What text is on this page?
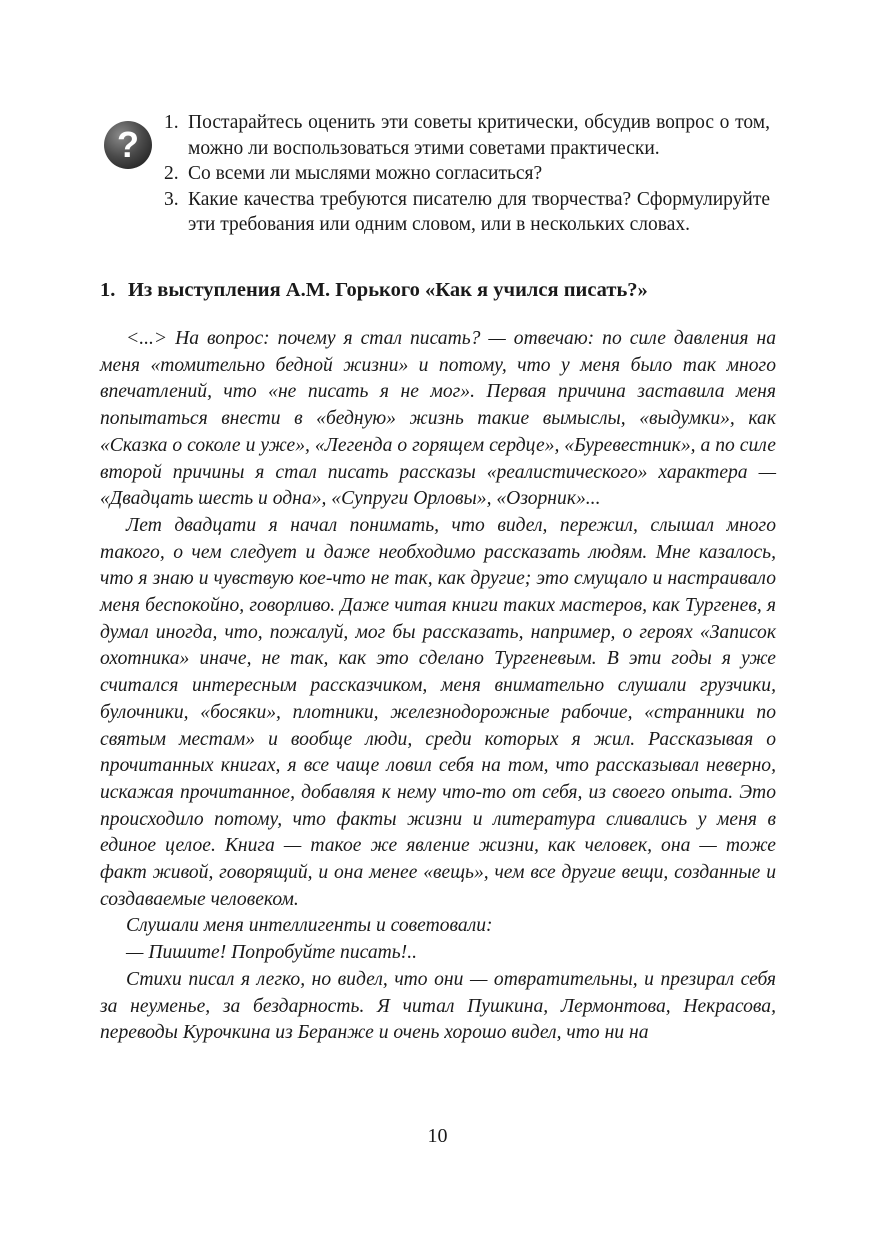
?
1. Постарайтесь оценить эти советы критически, обсудив вопрос о том, можно ли воспользоваться этими советами практически.
2. Со всеми ли мыслями можно согласиться?
3. Какие качества требуются писателю для творчества? Сформулируйте эти требования или одним словом, или в нескольких словах.
1. Из выступления А.М. Горького «Как я учился писать?»

<...> На вопрос: почему я стал писать? — отвечаю: по силе давления на меня «томительно бедной жизни» и потому, что у меня было так много впечатлений, что «не писать я не мог». Первая причина заставила меня попытаться внести в «бедную» жизнь такие вымыслы, «выдумки», как «Сказка о соколе и уже», «Легенда о горящем сердце», «Буревестник», а по силе второй причины я стал писать рассказы «реалистического» характера — «Двадцать шесть и одна», «Супруги Орловы», «Озорник»...

Лет двадцати я начал понимать, что видел, пережил, слышал много такого, о чем следует и даже необходимо рассказать людям. Мне казалось, что я знаю и чувствую кое-что не так, как другие; это смущало и настраивало меня беспокойно, говорливо. Даже читая книги таких мастеров, как Тургенев, я думал иногда, что, пожалуй, мог бы рассказать, например, о героях «Записок охотника» иначе, не так, как это сделано Тургеневым. В эти годы я уже считался интересным рассказчиком, меня внимательно слушали грузчики, булочники, «босяки», плотники, железнодорожные рабочие, «странники по святым местам» и вообще люди, среди которых я жил. Рассказывая о прочитанных книгах, я все чаще ловил себя на том, что рассказывал неверно, искажая прочитанное, добавляя к нему что-то от себя, из своего опыта. Это происходило потому, что факты жизни и литература сливались у меня в единое целое. Книга — такое же явление жизни, как человек, она — тоже факт живой, говорящий, и она менее «вещь», чем все другие вещи, созданные и создаваемые человеком.

Слушали меня интеллигенты и советовали:

— Пишите! Попробуйте писать!..

Стихи писал я легко, но видел, что они — отвратительны, и презирал себя за неуменье, за бездарность. Я читал Пушкина, Лермонтова, Некрасова, переводы Курочкина из Беранже и очень хорошо видел, что ни на

10
